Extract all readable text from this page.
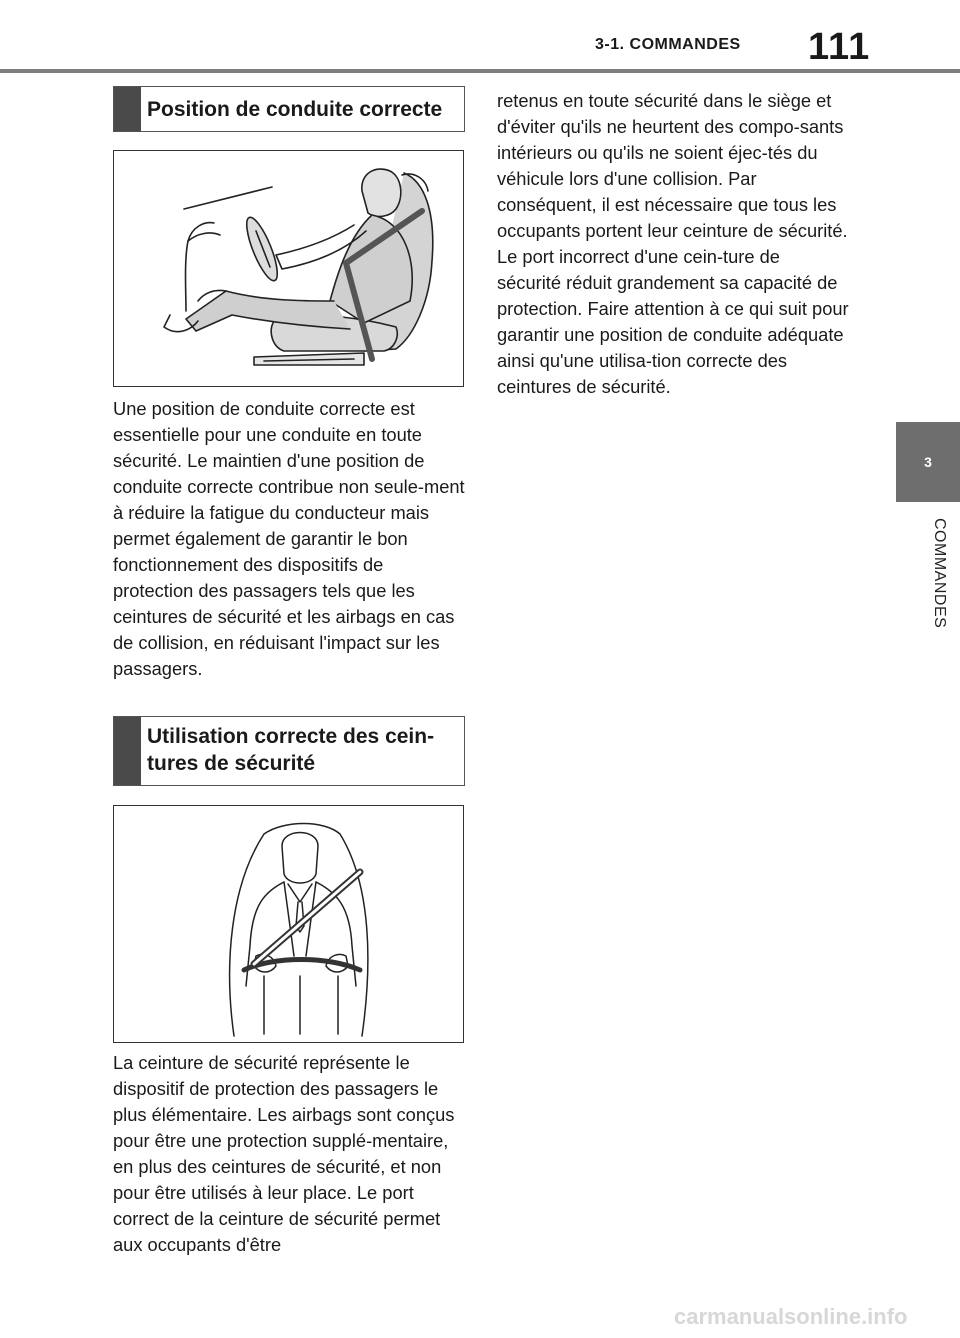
3-1. COMMANDES 111
3
COMMANDES
Position de conduite correcte

Une position de conduite correcte est essentielle pour une conduite en toute sécurité. Le maintien d'une position de conduite correcte contribue non seule-ment à réduire la fatigue du conducteur mais permet également de garantir le bon fonctionnement des dispositifs de protection des passagers tels que les ceintures de sécurité et les airbags en cas de collision, en réduisant l'impact sur les passagers.

Utilisation correcte des cein-tures de sécurité

La ceinture de sécurité représente le dispositif de protection des passagers le plus élémentaire. Les airbags sont conçus pour être une protection supplé-mentaire, en plus des ceintures de sécurité, et non pour être utilisés à leur place. Le port correct de la ceinture de sécurité permet aux occupants d'être

retenus en toute sécurité dans le siège et d'éviter qu'ils ne heurtent des compo-sants intérieurs ou qu'ils ne soient éjec-tés du véhicule lors d'une collision. Par conséquent, il est nécessaire que tous les occupants portent leur ceinture de sécurité. Le port incorrect d'une cein-ture de sécurité réduit grandement sa capacité de protection. Faire attention à ce qui suit pour garantir une position de conduite adéquate ainsi qu'une utilisa-tion correcte des ceintures de sécurité.

carmanualsonline.info
